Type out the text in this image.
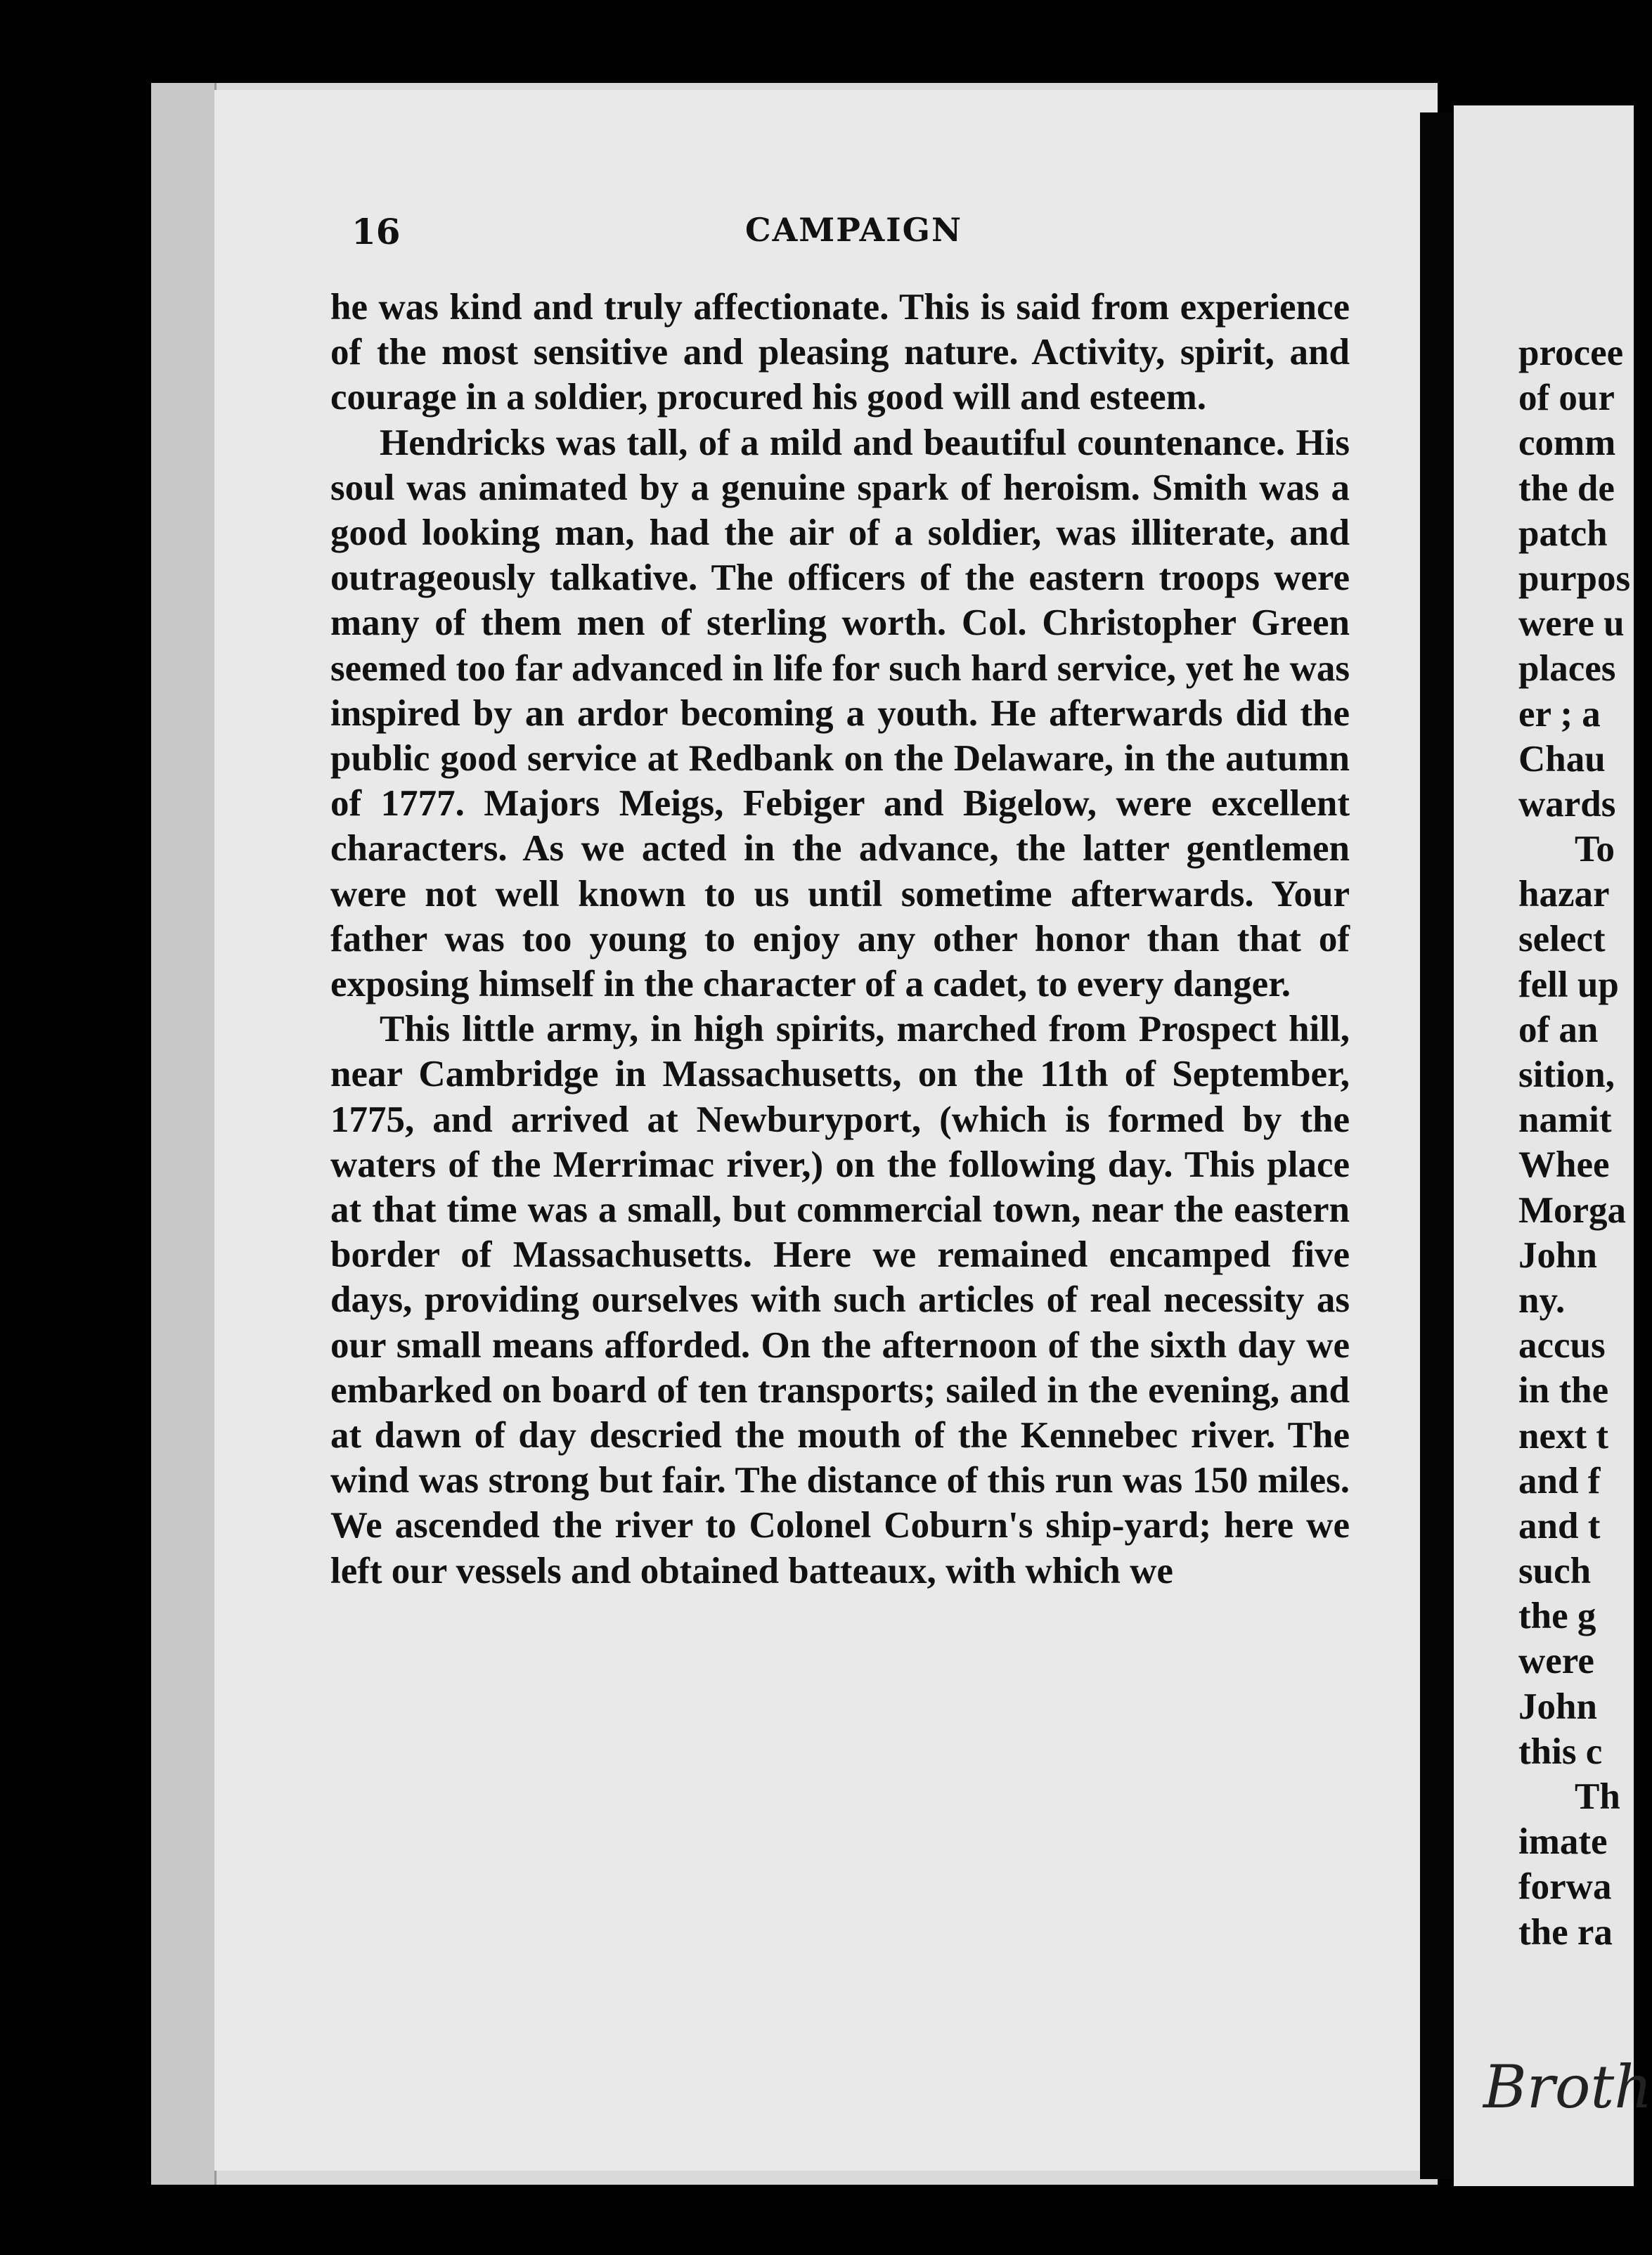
16	CAMPAIGN

he was kind and truly affectionate. This is said from experience of the most sensitive and pleasing nature. Activity, spirit, and courage in a soldier, procured his good will and esteem.

Hendricks was tall, of a mild and beautiful countenance. His soul was animated by a genuine spark of heroism. Smith was a good looking man, had the air of a soldier, was illiterate, and outrageously talkative. The officers of the eastern troops were many of them men of sterling worth. Col. Christopher Green seemed too far advanced in life for such hard service, yet he was inspired by an ardor becoming a youth. He afterwards did the public good service at Redbank on the Delaware, in the autumn of 1777. Majors Meigs, Febiger and Bigelow, were excellent characters. As we acted in the advance, the latter gentlemen were not well known to us until sometime afterwards. Your father was too young to enjoy any other honor than that of exposing himself in the character of a cadet, to every danger.

This little army, in high spirits, marched from Prospect hill, near Cambridge in Massachusetts, on the 11th of September, 1775, and arrived at Newburyport, (which is formed by the waters of the Merrimac river,) on the following day. This place at that time was a small, but commercial town, near the eastern border of Massachusetts. Here we remained encamped five days, providing ourselves with such articles of real necessity as our small means afforded. On the afternoon of the sixth day we embarked on board of ten transports; sailed in the evening, and at dawn of day descried the mouth of the Kennebec river. The wind was strong but fair. The distance of this run was 150 miles. We ascended the river to Colonel Coburn's ship-yard; here we left our vessels and obtained batteaux, with which we

procee
of our
comm
the de
patch
purpos
were u
places
er ; a
Chau
wards
To
hazar
select
fell up
of an
sition,
namit
Whee
Morga
John
ny.
accus
in the
next t
and f
and t
such
the g
were
John
this c
Th
imate
forwa
the ra
Broth
